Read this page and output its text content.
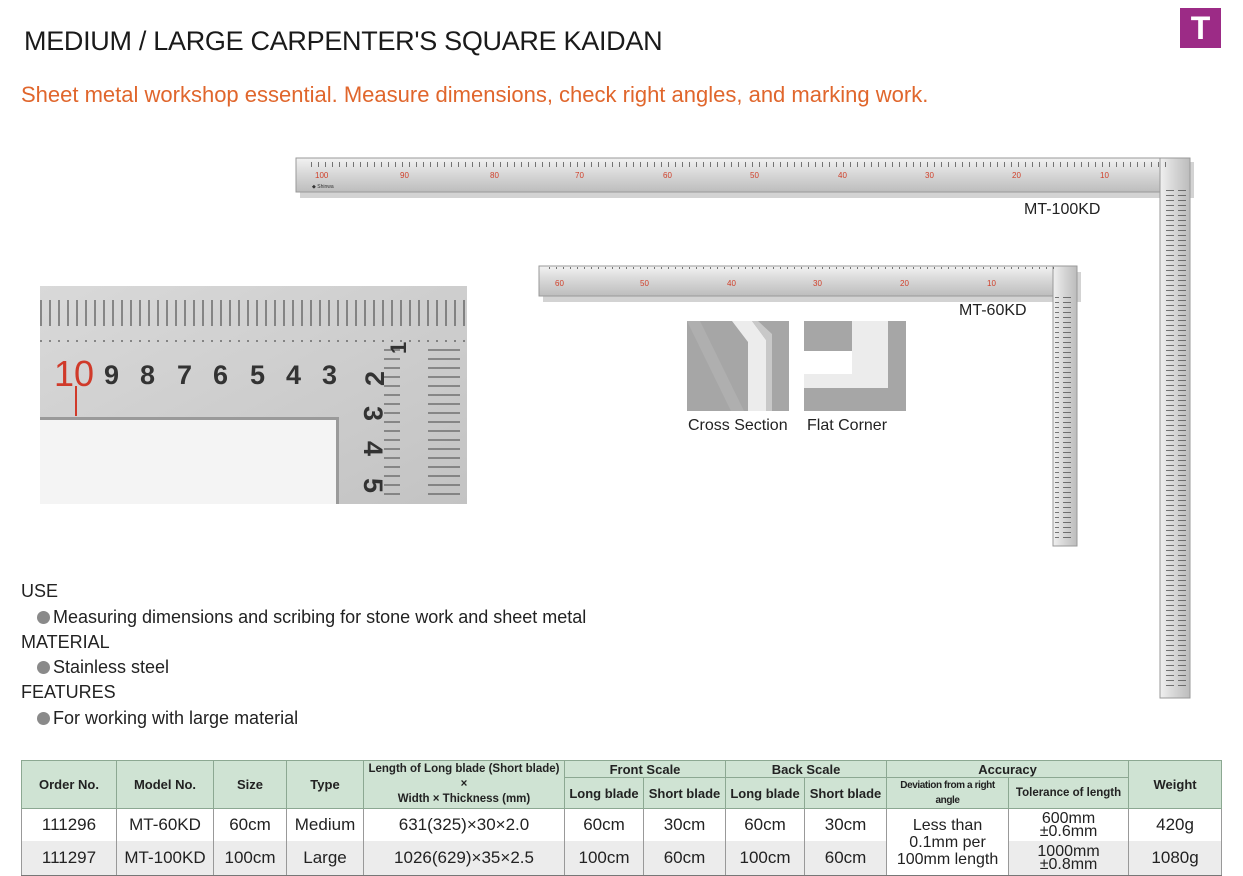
MEDIUM / LARGE CARPENTER'S SQUARE KAIDAN
Sheet metal workshop essential. Measure dimensions, check right angles, and marking work.
T
100	90	80	70	60	50	40	30	20	10
◆ Shinwa
MT-100KD
60	50	40	30	20	10
MT-60KD
Cross Section Flat Corner
10 9 8 7 6 5 4 3 2
1
3
4
5
USE
Measuring dimensions and scribing for stone work and sheet metal
MATERIAL
Stainless steel
FEATURES
For working with large material
Order No.	Model No.	Size	Type	Length of Long blade (Short blade) ×
Width × Thickness (mm)	Front Scale		Back Scale		Accuracy		Weight
					Long blade	Short blade	Long blade	Short blade	Deviation from a right angle	Tolerance of length	
111296	MT-60KD	60cm	Medium	631(325)×30×2.0	60cm	30cm	60cm	30cm	Less than
0.1mm per
100mm length	600mm
±0.6mm	420g
111297	MT-100KD	100cm	Large	1026(629)×35×2.5	100cm	60cm	100cm	60cm		1000mm
±0.8mm	1080g
